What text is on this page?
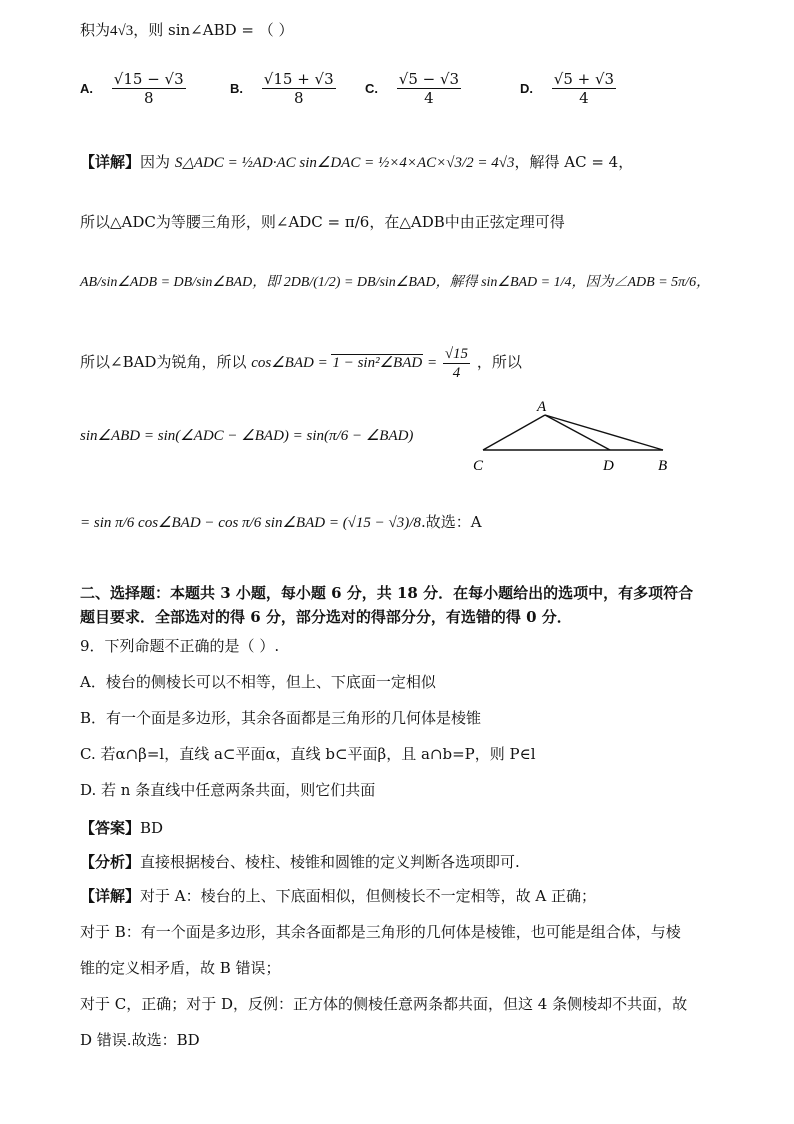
积为4√3，则 sin∠ABD = （ ）
A. $\frac{√15 - √3}{8}$	B. $\frac{√15 + √3}{8} C$. $\frac{√5 - √3}{4}$	D. $\frac{√5 + √3}{4}$
【详解】因为 S△ADC = ½AD·AC sin∠DAC = ½×4×AC×√3/2 = 4√3，解得 AC = 4，
所以△ADC为等腰三角形，则∠ADC = π/6，在△ADB中由正弦定理可得
AB/sin∠ADB = DB/sin∠BAD，即 2DB/(1/2) = DB/sin∠BAD，解得 sin∠BAD = 1/4，因为∠ADB = 5π/6，
所以∠BAD为锐角，所以 cos∠BAD = 1 − sin²∠BAD = $\frac{√15}{4}$ ，所以
sin∠ABD = sin(∠ADC − ∠BAD) = sin(π/6 − ∠BAD)
A
C	D	B
= sin π/6 cos∠BAD − cos π/6 sin∠BAD = (√15 − √3)/8.故选：A
二、选择题：本题共 3 小题，每小题 6 分，共 18 分．在每小题给出的选项中，有多项符合
题目要求．全部选对的得 6 分，部分选对的得部分分，有选错的得 0 分．
9．下列命题不正确的是（ ）.
A．棱台的侧棱长可以不相等，但上、下底面一定相似
B．有一个面是多边形，其余各面都是三角形的几何体是棱锥
C. 若α∩β=l，直线 a⊂平面α，直线 b⊂平面β，且 a∩b=P，则 P∈l
D. 若 n 条直线中任意两条共面，则它们共面
【答案】BD
【分析】直接根据棱台、棱柱、棱锥和圆锥的定义判断各选项即可.
【详解】对于 A：棱台的上、下底面相似，但侧棱长不一定相等，故 A 正确；
对于 B：有一个面是多边形，其余各面都是三角形的几何体是棱锥，也可能是组合体，与棱
锥的定义相矛盾，故 B 错误；
对于 C，正确；对于 D，反例：正方体的侧棱任意两条都共面，但这 4 条侧棱却不共面，故
D 错误.故选：BD
